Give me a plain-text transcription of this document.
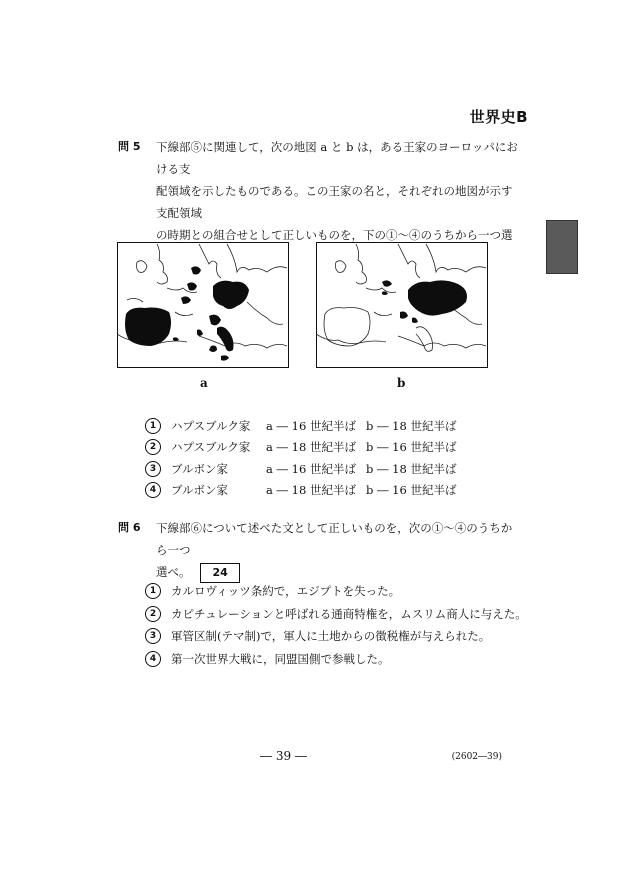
世界史B
問 5	下線部⑤に関連して，次の地図 a と b は，ある王家のヨーロッパにおける支
配領域を示したものである。この王家の名と，それぞれの地図が示す支配領域
の時期との組合せとして正しいものを，下の①～④のうちから一つ選
a	b
1	ハプスブルク家	a ― 16 世紀半ば b ― 18 世紀半ば
2	ハプスブルク家	a ― 18 世紀半ば b ― 16 世紀半ば
3	ブルボン家	a ― 16 世紀半ば b ― 18 世紀半ば
4	ブルボン家	a ― 18 世紀半ば b ― 16 世紀半ば
問 6	下線部⑥について述べた文として正しいものを，次の①～④のうちから一つ
選べ。 24
1	カルロヴィッツ条約で，エジプトを失った。
2	カピチュレーションと呼ばれる通商特権を，ムスリム商人に与えた。
3	軍管区制(テマ制)で，軍人に土地からの徴税権が与えられた。
4	第一次世界大戦に，同盟国側で参戦した。
― 39 ―	(2602―39)
